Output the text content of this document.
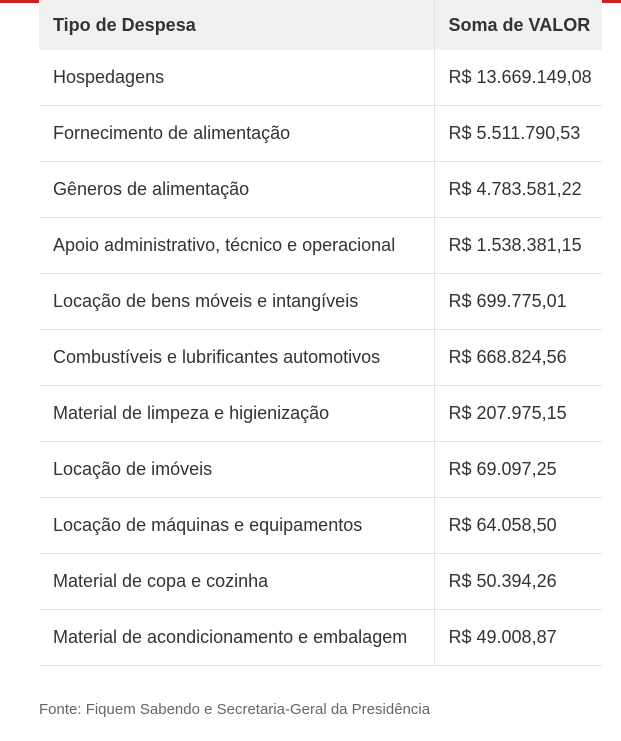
Tipo de Despesa	Soma de VALOR
Hospedagens	R$ 13.669.149,08
Fornecimento de alimentação	R$ 5.511.790,53
Gêneros de alimentação	R$ 4.783.581,22
Apoio administrativo, técnico e operacional	R$ 1.538.381,15
Locação de bens móveis e intangíveis	R$ 699.775,01
Combustíveis e lubrificantes automotivos	R$ 668.824,56
Material de limpeza e higienização	R$ 207.975,15
Locação de imóveis	R$ 69.097,25
Locação de máquinas e equipamentos	R$ 64.058,50
Material de copa e cozinha	R$ 50.394,26
Material de acondicionamento e embalagem	R$ 49.008,87
Fonte: Fiquem Sabendo e Secretaria-Geral da Presidência
